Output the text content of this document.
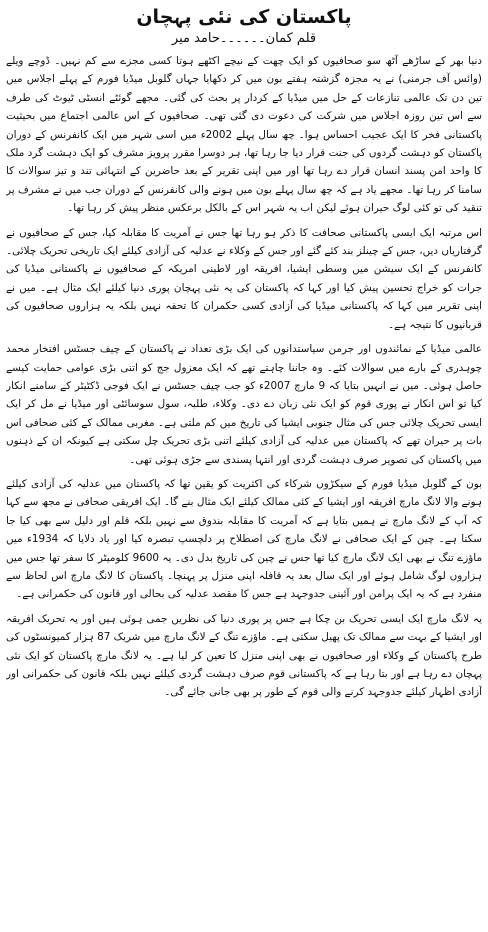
پاکستان کی نئی پہچان
قلم کمان۔۔۔۔۔۔حامد میر

دنیا بھر کے ساڑھے آٹھ سو صحافیوں کو ایک چھت کے نیچے اکٹھے ہوتا کسی مجزے سے کم نہیں۔ ڈوچے ویلے (وائس آف جرمنی) نے یہ مجزہ گزشتہ ہفتے بون میں کر دکھایا جہاں گلوبل میڈیا فورم کے پہلے اجلاس میں تین دن تک عالمی تنازعات کے حل میں میڈیا کے کردار پر بحث کی گئی۔ مجھے گوئٹے انسٹی ٹیوٹ کی طرف سے اس تین روزہ اجلاس میں شرکت کی دعوت دی گئی تھی۔ صحافیوں کے اس عالمی اجتماع میں بحیثیت پاکستانی فخر کا ایک عجیب احساس ہوا۔ چھ سال پہلے 2002ء میں اسی شہر میں ایک کانفرنس کے دوران پاکستان کو دہشت گردوں کی جنت قرار دیا جا رہا تھا، ہر دوسرا مقرر پرویز مشرف کو ایک دہشت گرد ملک کا واحد امن پسند انسان قرار دے رہا تھا اور میں اپنی تقریر کے بعد حاضرین کے انتہائی تند و تیز سوالات کا سامنا کر رہا تھا۔ مجھے یاد ہے کہ چھ سال پہلے بون میں ہونے والی کانفرنس کے دوران جب میں نے مشرف پر تنقید کی تو کئی لوگ حیران ہوئے لیکن اب یہ شہر اس کے بالکل برعکس منظر پیش کر رہا تھا۔

اس مرتبہ ایک ایسی پاکستانی صحافت کا ذکر ہو رہا تھا جس نے آمریت کا مقابلہ کیا، جس کے صحافیوں نے گرفتاریاں دیں، جس کے چینلز بند کئے گئے اور جس کے وکلاء نے عدلیہ کی آزادی کیلئے ایک تاریخی تحریک چلائی۔ کانفرنس کے ایک سیشن میں وسطی ایشیا، افریقہ اور لاطینی امریکہ کے صحافیوں نے پاکستانی میڈیا کی جرات کو خراج تحسین پیش کیا اور کہا کہ پاکستان کی یہ نئی پہچان پوری دنیا کیلئے ایک مثال ہے۔ میں نے اپنی تقریر میں کہا کہ پاکستانی میڈیا کی آزادی کسی حکمران کا تحفہ نہیں بلکہ یہ ہزاروں صحافیوں کی قربانیوں کا نتیجہ ہے۔

عالمی میڈیا کے نمائندوں اور جرمن سیاستدانوں کی ایک بڑی تعداد نے پاکستان کے چیف جسٹس افتخار محمد چوہدری کے بارے میں سوالات کئے۔ وہ جاننا چاہتے تھے کہ ایک معزول جج کو اتنی بڑی عوامی حمایت کیسے حاصل ہوئی۔ میں نے انہیں بتایا کہ 9 مارچ 2007ء کو جب چیف جسٹس نے ایک فوجی ڈکٹیٹر کے سامنے انکار کیا تو اس انکار نے پوری قوم کو ایک نئی زبان دے دی۔ وکلاء، طلبہ، سول سوسائٹی اور میڈیا نے مل کر ایک ایسی تحریک چلائی جس کی مثال جنوبی ایشیا کی تاریخ میں کم ملتی ہے۔ مغربی ممالک کے کئی صحافی اس بات پر حیران تھے کہ پاکستان میں عدلیہ کی آزادی کیلئے اتنی بڑی تحریک چل سکتی ہے کیونکہ ان کے ذہنوں میں پاکستان کی تصویر صرف دہشت گردی اور انتہا پسندی سے جڑی ہوئی تھی۔

بون کے گلوبل میڈیا فورم کے سیکڑوں شرکاء کی اکثریت کو یقین تھا کہ پاکستان میں عدلیہ کی آزادی کیلئے ہونے والا لانگ مارچ افریقہ اور ایشیا کے کئی ممالک کیلئے ایک مثال بنے گا۔ ایک افریقی صحافی نے مجھ سے کہا کہ آپ کے لانگ مارچ نے ہمیں بتایا ہے کہ آمریت کا مقابلہ بندوق سے نہیں بلکہ قلم اور دلیل سے بھی کیا جا سکتا ہے۔ چین کے ایک صحافی نے لانگ مارچ کی اصطلاح پر دلچسپ تبصرہ کیا اور یاد دلایا کہ 1934ء میں ماؤزے تنگ نے بھی ایک لانگ مارچ کیا تھا جس نے چین کی تاریخ بدل دی۔ یہ 9600 کلومیٹر کا سفر تھا جس میں ہزاروں لوگ شامل ہوئے اور ایک سال بعد یہ قافلہ اپنی منزل پر پہنچا۔ پاکستان کا لانگ مارچ اس لحاظ سے منفرد ہے کہ یہ ایک پرامن اور آئینی جدوجہد ہے جس کا مقصد عدلیہ کی بحالی اور قانون کی حکمرانی ہے۔

یہ لانگ مارچ ایک ایسی تحریک بن چکا ہے جس پر پوری دنیا کی نظریں جمی ہوئی ہیں اور یہ تحریک افریقہ اور ایشیا کے بہت سے ممالک تک پھیل سکتی ہے۔ ماؤزے تنگ کے لانگ مارچ میں شریک 87 ہزار کمیونسٹوں کی طرح پاکستان کے وکلاء اور صحافیوں نے بھی اپنی منزل کا تعین کر لیا ہے۔ یہ لانگ مارچ پاکستان کو ایک نئی پہچان دے رہا ہے اور بتا رہا ہے کہ پاکستانی قوم صرف دہشت گردی کیلئے نہیں بلکہ قانون کی حکمرانی اور آزادی اظہار کیلئے جدوجہد کرنے والی قوم کے طور پر بھی جانی جائے گی۔
